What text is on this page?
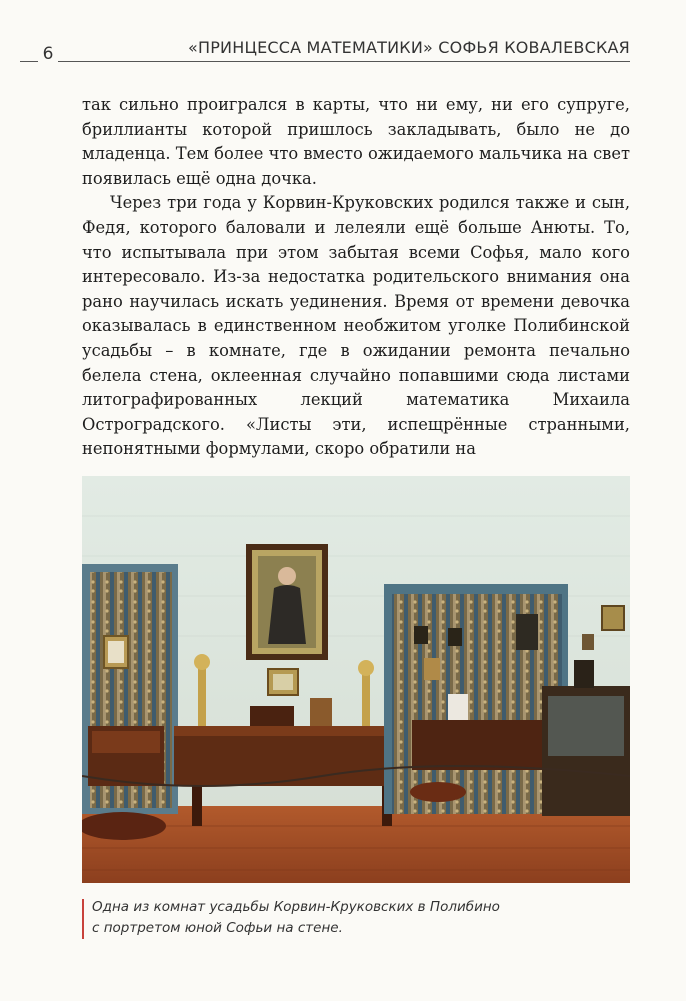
6	«ПРИНЦЕССА МАТЕМАТИКИ» СОФЬЯ КОВАЛЕВСКАЯ

так сильно проигрался в карты, что ни ему, ни его супруге, бриллианты которой пришлось закладывать, было не до младенца. Тем более что вместо ожидаемого мальчика на свет появилась ещё одна дочка.

Через три года у Корвин-Круковских родился также и сын, Федя, которого баловали и лелеяли ещё больше Анюты. То, что испытывала при этом забытая всеми Софья, мало кого интересовало. Из-за недостатка родительского внимания она рано научилась искать уединения. Время от времени девочка оказывалась в единственном необжитом уголке Полибинской усадьбы – в комнате, где в ожидании ремонта печально белела стена, оклеенная случайно попавшими сюда листами литографированных лекций математика Михаила Остроградского. «Листы эти, испещрённые странными, непонятными формулами, скоро обратили на

Одна из комнат усадьбы Корвин-Круковских в Полибино
с портретом юной Софьи на стене.
